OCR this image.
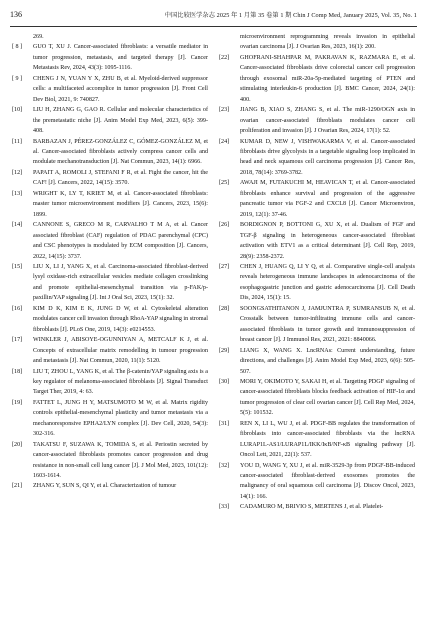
136	中国比较医学杂志 2025 年 1 月第 35 卷第 1 期 Chin J Comp Med, January 2025, Vol. 35, No. 1
269.
[ 8 ] GUO T, XU J. Cancer-associated fibroblasts: a versatile mediator in tumor progression, metastasis, and targeted therapy [J]. Cancer Metastasis Rev, 2024, 43(3): 1095-1116.
[ 9 ] CHENG J N, YUAN Y X, ZHU B, et al. Myeloid-derived suppressor cells: a multifaceted accomplice in tumor progression [J]. Front Cell Dev Biol, 2021, 9: 740827.
[10] LIU H, ZHANG G, GAO R. Cellular and molecular characteristics of the premetastatic niche [J]. Anim Model Exp Med, 2023, 6(5): 399-408.
[11] BARBAZAN J, PÉREZ-GONZÁLEZ C, GÓMEZ-GONZÁLEZ M, et al. Cancer-associated fibroblasts actively compress cancer cells and modulate mechanotransduction [J]. Nat Commun, 2023, 14(1): 6966.
[12] PAPAIT A, ROMOLI J, STEFANI F R, et al. Fight the cancer, hit the CAF! [J]. Cancers, 2022, 14(15): 3570.
[13] WRIGHT K, LY T, KRIET M, et al. Cancer-associated fibroblasts: master tumor microenvironment modifiers [J]. Cancers, 2023, 15(6): 1899.
[14] CANNONE S, GRECO M R, CARVALHO T M A, et al. Cancer associated fibroblast (CAF) regulation of PDAC parenchymal (CPC) and CSC phenotypes is modulated by ECM composition [J]. Cancers, 2022, 14(15): 3737.
[15] LIU X, LI J, YANG X, et al. Carcinoma-associated fibroblast-derived lysyl oxidase-rich extracellular vesicles mediate collagen crosslinking and promote epithelial-mesenchymal transition via p-FAK/p-paxillin/YAP signaling [J]. Int J Oral Sci, 2023, 15(1): 32.
[16] KIM D K, KIM E K, JUNG D W, et al. Cytoskeletal alteration modulates cancer cell invasion through RhoA-YAP signaling in stromal fibroblasts [J]. PLoS One, 2019, 14(3): e0214553.
[17] WINKLER J, ABISOYE-OGUNNIYAN A, METCALF K J, et al. Concepts of extracellular matrix remodelling in tumour progression and metastasis [J]. Nat Commun, 2020, 11(1): 5120.
[18] LIU T, ZHOU L, YANG K, et al. The β-catenin/YAP signaling axis is a key regulator of melanoma-associated fibroblasts [J]. Signal Transduct Target Ther, 2019, 4: 63.
[19] FATTET L, JUNG H Y, MATSUMOTO M W, et al. Matrix rigidity controls epithelial-mesenchymal plasticity and tumor metastasis via a mechanoresponsive EPHA2/LYN complex [J]. Dev Cell, 2020, 54(3): 302-316.
[20] TAKATSU F, SUZAWA K, TOMIDA S, et al. Periostin secreted by cancer-associated fibroblasts promotes cancer progression and drug resistance in non-small cell lung cancer [J]. J Mol Med, 2023, 101(12): 1603-1614.
[21] ZHANG Y, SUN S, QI Y, et al. Characterization of tumour
microenvironment reprogramming reveals invasion in epithelial ovarian carcinoma [J]. J Ovarian Res, 2023, 16(1): 200.
[22] GHOFRANI-SHAHPAR M, PAKRAVAN K, RAZMARA E, et al. Cancer-associated fibroblasts drive colorectal cancer cell progression through exosomal miR-20a-5p-mediated targeting of PTEN and stimulating interleukin-6 production [J]. BMC Cancer, 2024, 24(1): 400.
[23] JIANG B, XIAO S, ZHANG S, et al. The miR-1290/OGN axis in ovarian cancer-associated fibroblasts modulates cancer cell proliferation and invasion [J]. J Ovarian Res, 2024, 17(1): 52.
[24] KUMAR D, NEW J, VISHWAKARMA V, et al. Cancer-associated fibroblasts drive glycolysis in a targetable signaling loop implicated in head and neck squamous cell carcinoma progression [J]. Cancer Res, 2018, 78(14): 3769-3782.
[25] AWAJI M, FUTAKUCHI M, HEAVICAN T, et al. Cancer-associated fibroblasts enhance survival and progression of the aggressive pancreatic tumor via FGF-2 and CXCL8 [J]. Cancer Microenviron, 2019, 12(1): 37-46.
[26] BORDIGNON P, BOTTONI G, XU X, et al. Dualism of FGF and TGF-β signaling in heterogeneous cancer-associated fibroblast activation with ETV1 as a critical determinant [J]. Cell Rep, 2019, 28(9): 2358-2372.
[27] CHEN J, HUANG Q, LI Y Q, et al. Comparative single-cell analysis reveals heterogeneous immune landscapes in adenocarcinoma of the esophagogastric junction and gastric adenocarcinoma [J]. Cell Death Dis, 2024, 15(1): 15.
[28] SOONGSATHITANON J, JAMJUNTRA P, SUMRANSUB N, et al. Crosstalk between tumor-infiltrating immune cells and cancer-associated fibroblasts in tumor growth and immunosuppression of breast cancer [J]. J Immunol Res, 2021, 2021: 8840066.
[29] LIANG X, WANG X. LncRNAs: Current understanding, future directions, and challenges [J]. Anim Model Exp Med, 2023, 6(6): 505-507.
[30] MORI Y, OKIMOTO Y, SAKAI H, et al. Targeting PDGF signaling of cancer-associated fibroblasts blocks feedback activation of HIF-1α and tumor progression of clear cell ovarian cancer [J]. Cell Rep Med, 2024, 5(5): 101532.
[31] REN X, LI L, WU J, et al. PDGF-BB regulates the transformation of fibroblasts into cancer-associated fibroblasts via the lncRNA LURAP1L-AS1/LURAP1L/IKK/IκB/NF-κB signaling pathway [J]. Oncol Lett, 2021, 22(1): 537.
[32] YOU D, WANG Y, XU J, et al. miR-3529-3p from PDGF-BB-induced cancer-associated fibroblast-derived exosomes promotes the malignancy of oral squamous cell carcinoma [J]. Discov Oncol, 2023, 14(1): 166.
[33] CADAMURO M, BRIVIO S, MERTENS J, et al. Platelet-
